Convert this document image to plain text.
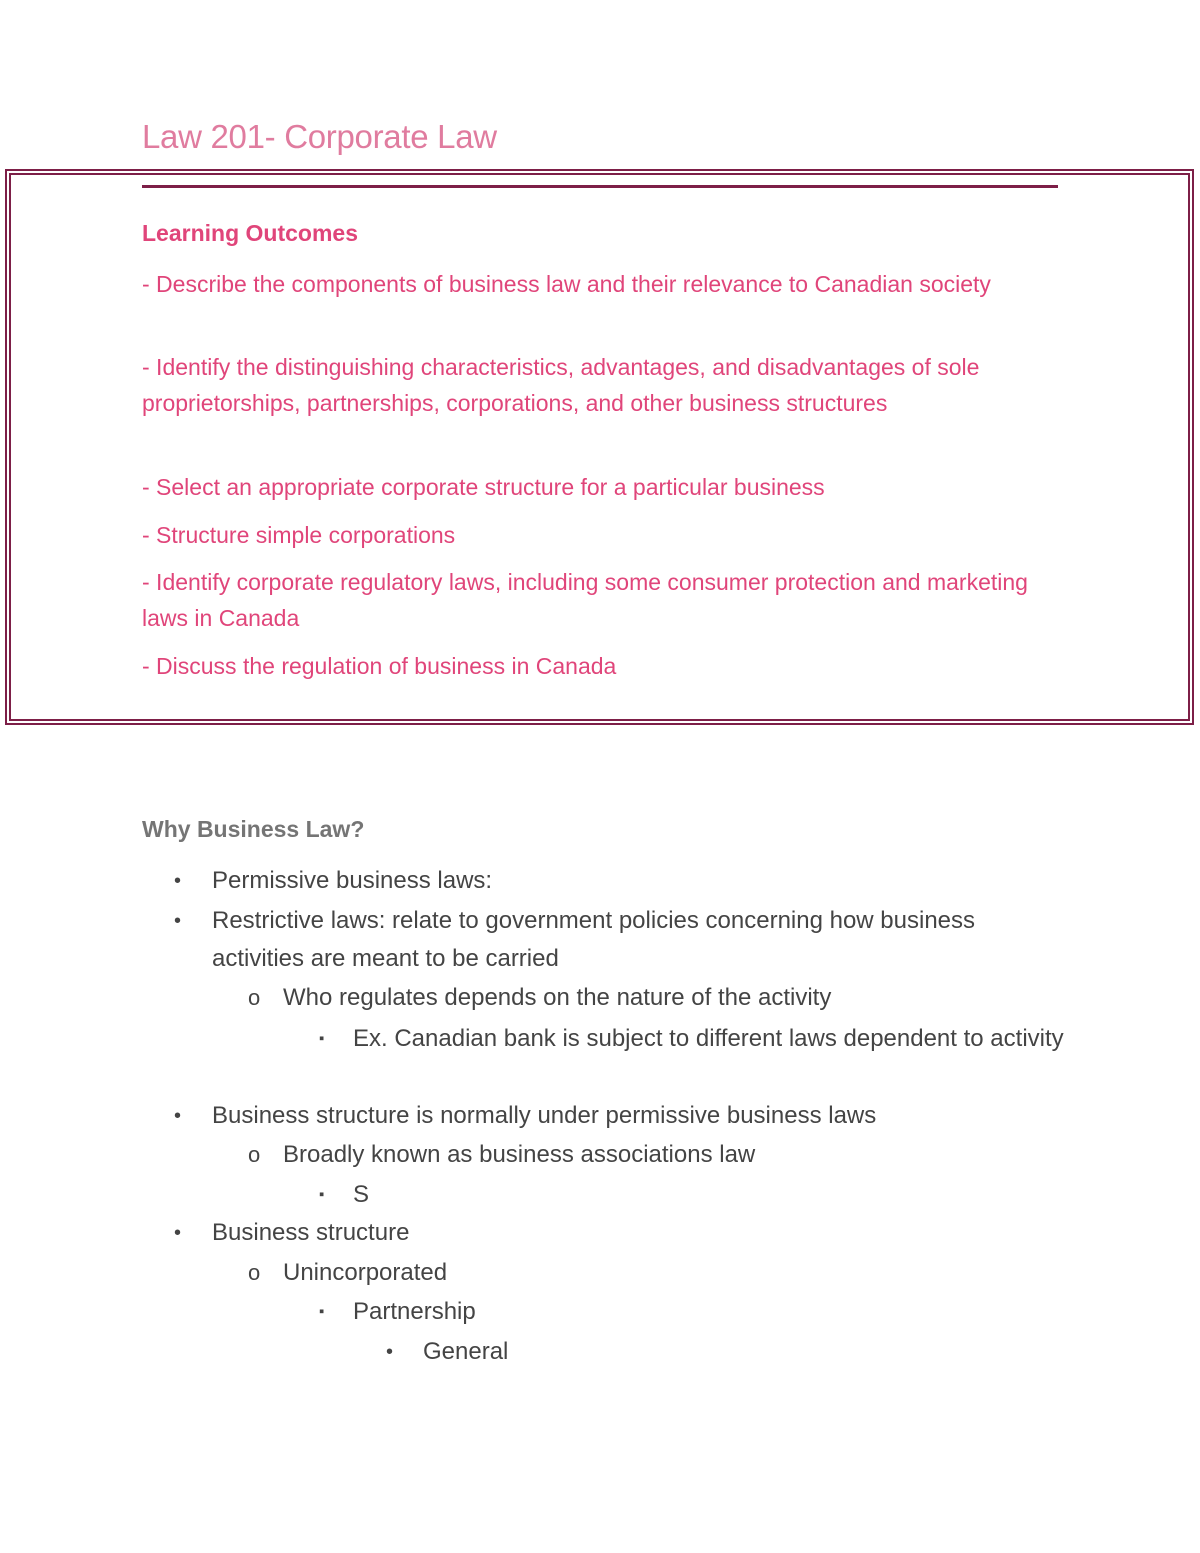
Law 201- Corporate Law
Learning Outcomes

- Describe the components of business law and their relevance to Canadian society

- Identify the distinguishing characteristics, advantages, and disadvantages of sole proprietorships, partnerships, corporations, and other business structures

- Select an appropriate corporate structure for a particular business

- Structure simple corporations

- Identify corporate regulatory laws, including some consumer protection and marketing laws in Canada

- Discuss the regulation of business in Canada

Why Business Law?
• Permissive business laws:

• Restrictive laws: relate to government policies concerning how business activities are meant to be carried

o Who regulates depends on the nature of the activity

▪ Ex. Canadian bank is subject to different laws dependent to activity

• Business structure is normally under permissive business laws

o Broadly known as business associations law

▪ S

• Business structure

o Unincorporated

▪ Partnership

• General
